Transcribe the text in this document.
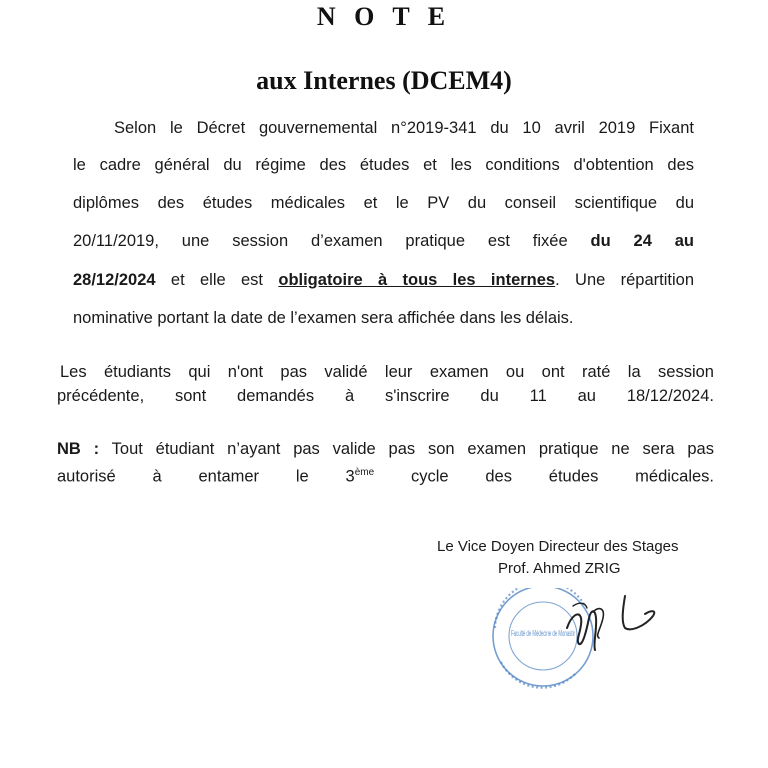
N O T E
aux Internes (DCEM4)
Selon le Décret gouvernemental n°2019-341 du 10 avril 2019 Fixant
le cadre général du régime des études et les conditions d'obtention des
diplômes des études médicales et le PV du conseil scientifique du
20/11/2019, une session d’examen pratique est fixée du 24 au
28/12/2024 et elle est obligatoire à tous les internes. Une répartition
nominative portant la date de l’examen sera affichée dans les délais.
Les étudiants qui n'ont pas validé leur examen ou ont raté la session
précédente, sont demandés à s'inscrire du 11 au 18/12/2024.
NB : Tout étudiant n’ayant pas valide pas son examen pratique ne sera pas
autorisé à entamer le 3ème cycle des études médicales.
Le Vice Doyen Directeur des Stages
Prof. Ahmed ZRIG
Faculté de Médecine de Monastir
